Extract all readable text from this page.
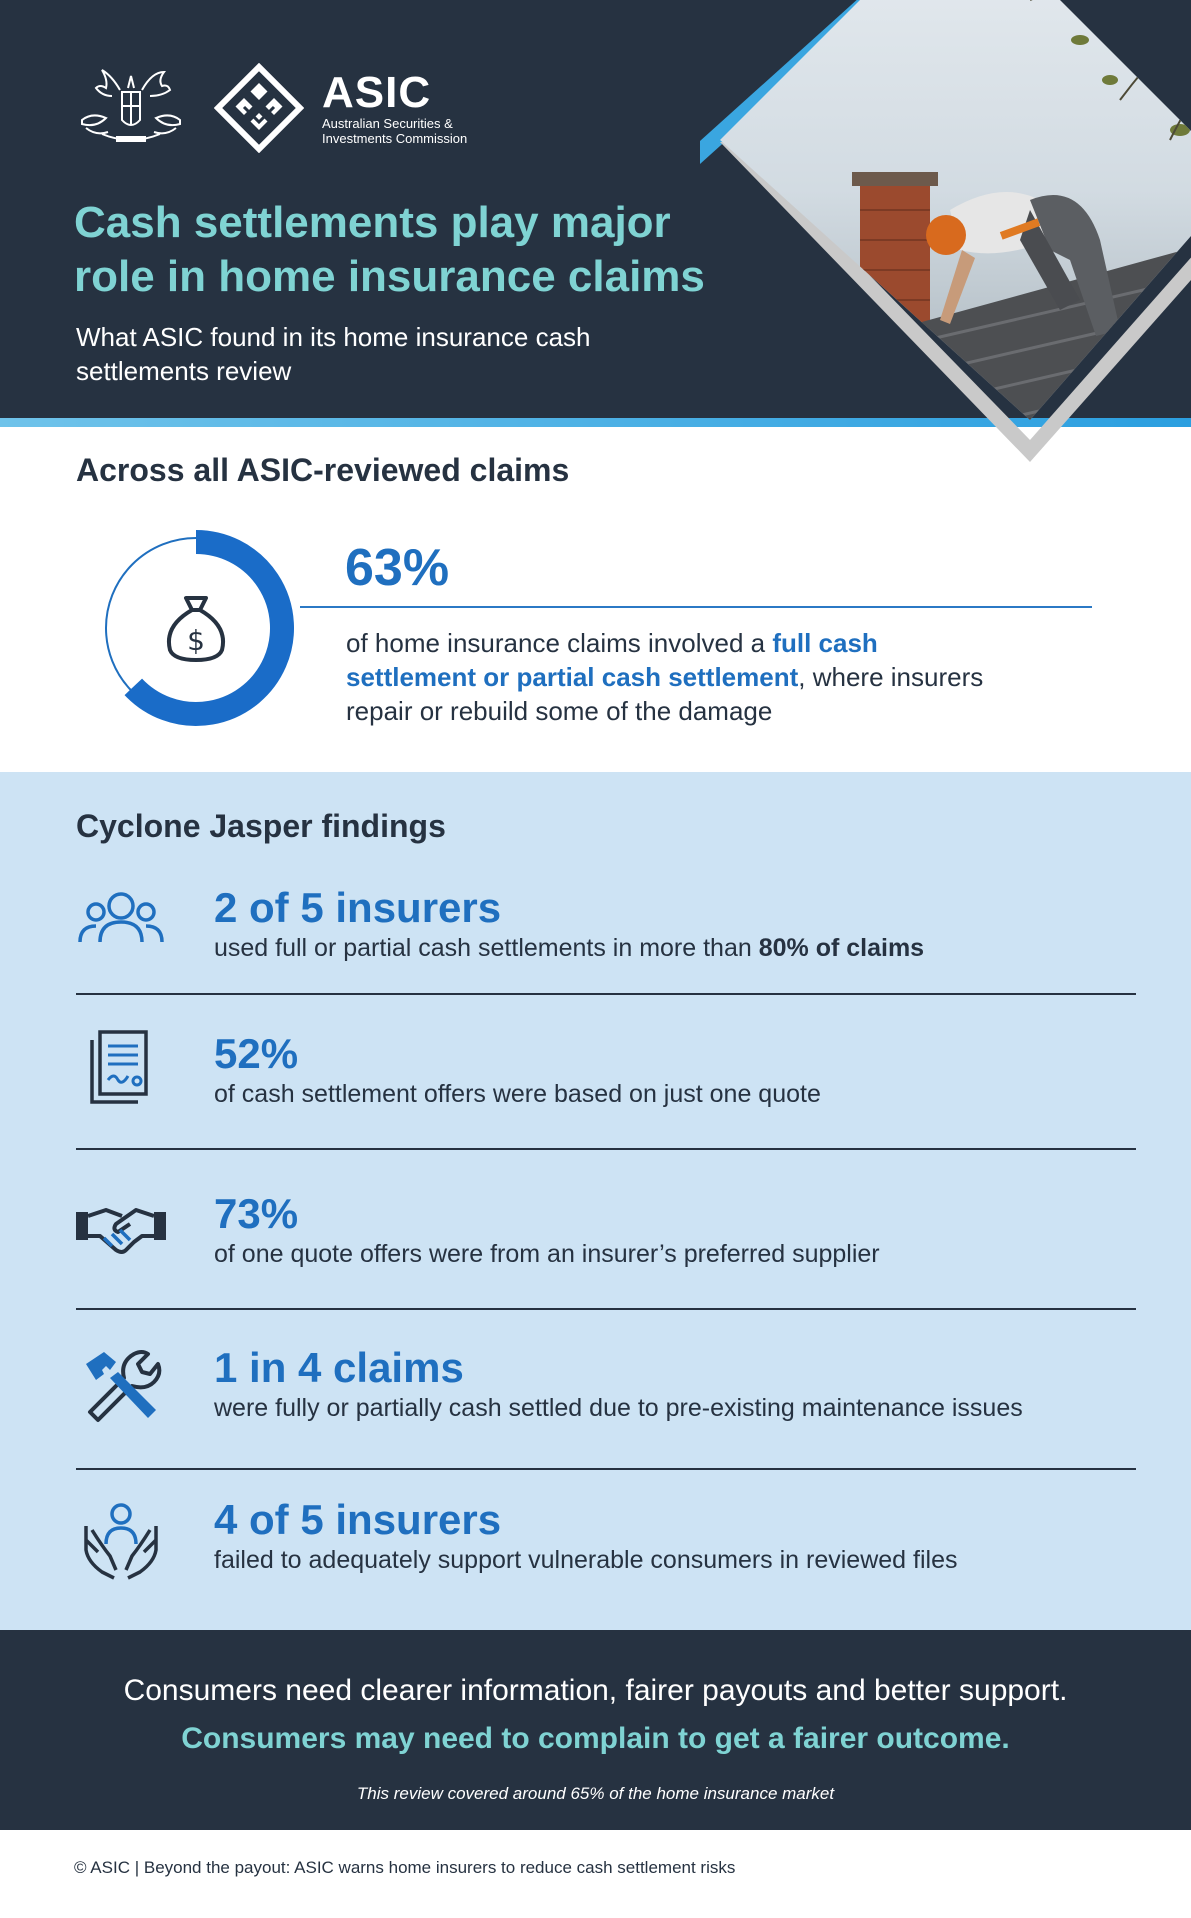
ASIC
Australian Securities &
Investments Commission
Cash settlements play major role in home insurance claims
What ASIC found in its home insurance cash settlements review
Across all ASIC-reviewed claims
$
63%
of home insurance claims involved a full cash settlement or partial cash settlement, where insurers repair or rebuild some of the damage
Cyclone Jasper findings
2 of 5 insurers
used full or partial cash settlements in more than 80% of claims
52%
of cash settlement offers were based on just one quote
73%
of one quote offers were from an insurer’s preferred supplier
1 in 4 claims
were fully or partially cash settled due to pre-existing maintenance issues
4 of 5 insurers
failed to adequately support vulnerable consumers in reviewed files
Consumers need clearer information, fairer payouts and better support.
Consumers may need to complain to get a fairer outcome.
This review covered around 65% of the home insurance market
© ASIC | Beyond the payout: ASIC warns home insurers to reduce cash settlement risks
